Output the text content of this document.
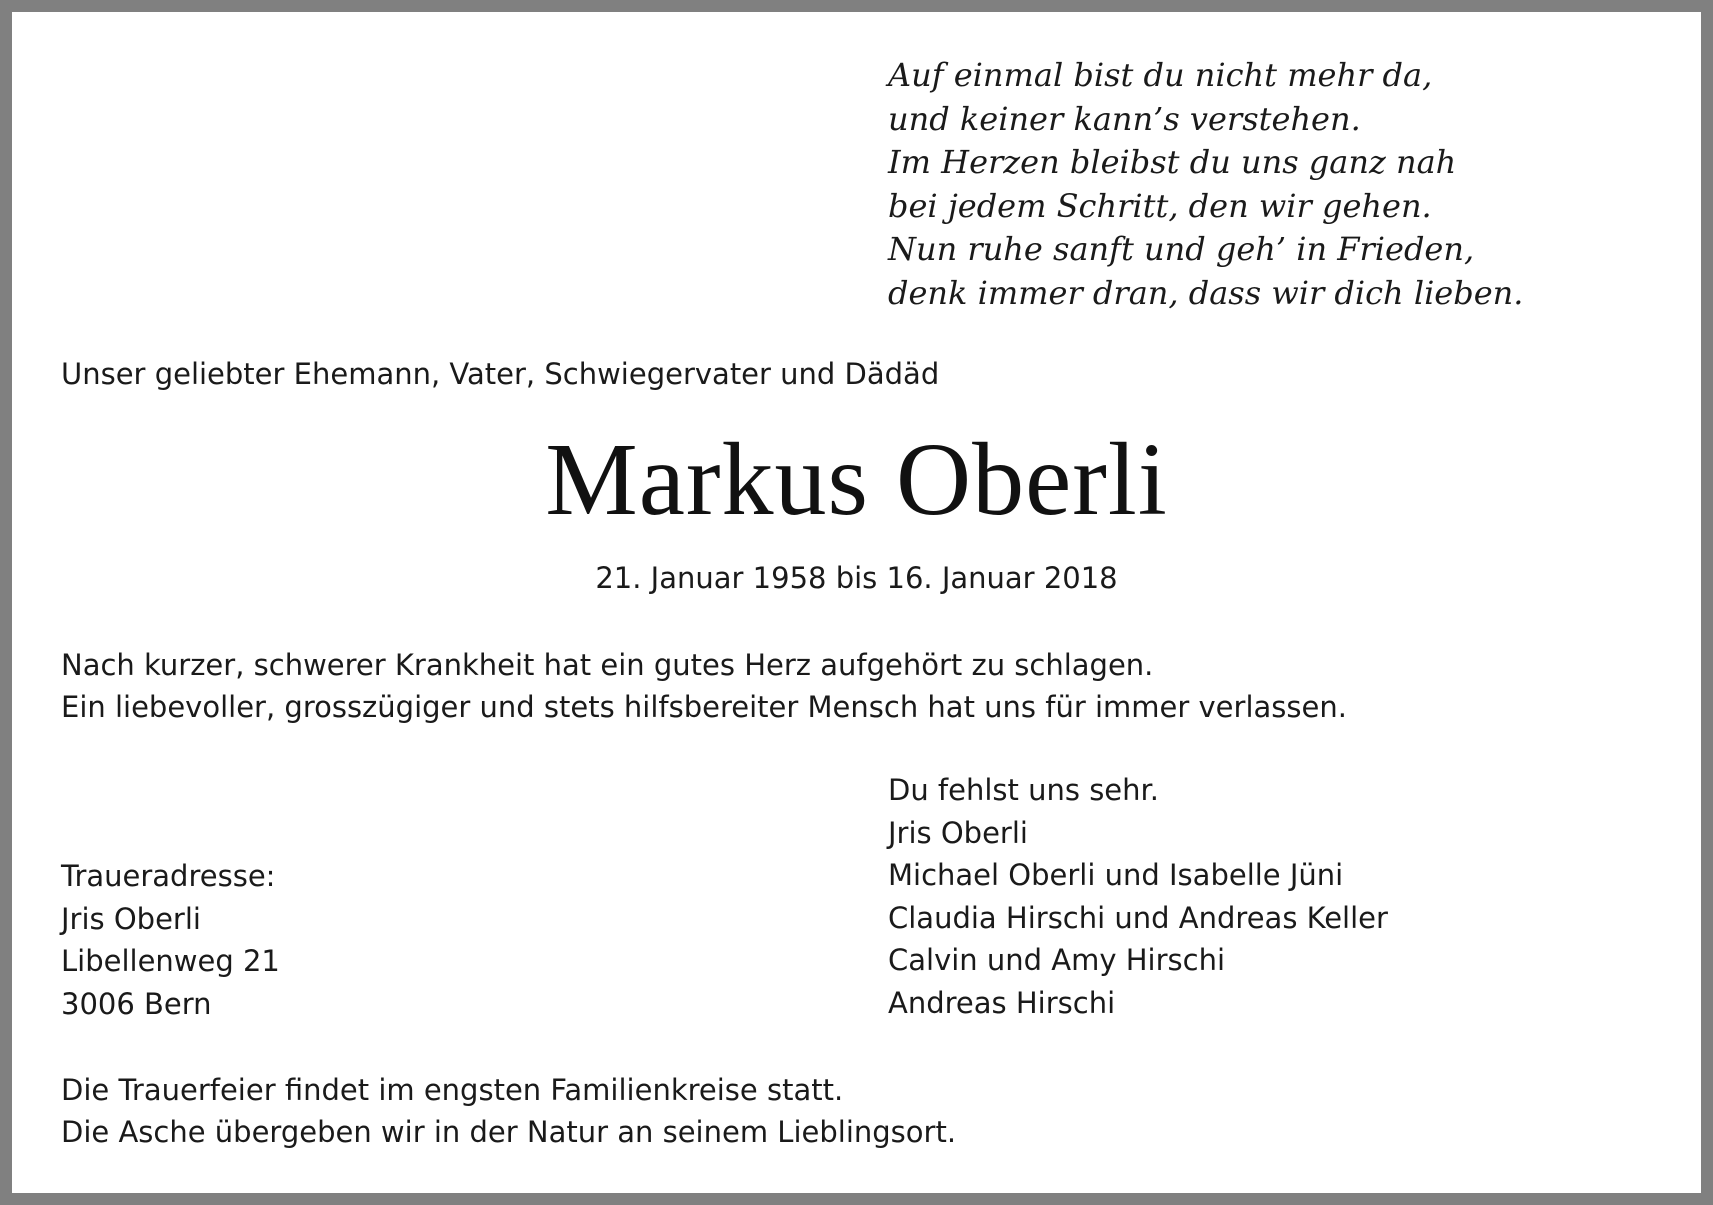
Auf einmal bist du nicht mehr da,
und keiner kann’s verstehen.
Im Herzen bleibst du uns ganz nah
bei jedem Schritt, den wir gehen.
Nun ruhe sanft und geh’ in Frieden,
denk immer dran, dass wir dich lieben.
Unser geliebter Ehemann, Vater, Schwiegervater und Dädäd
Markus Oberli
21. Januar 1958 bis 16. Januar 2018
Nach kurzer, schwerer Krankheit hat ein gutes Herz aufgehört zu schlagen.
Ein liebevoller, grosszügiger und stets hilfsbereiter Mensch hat uns für immer verlassen.
Du fehlst uns sehr.
Jris Oberli
Michael Oberli und Isabelle Jüni
Claudia Hirschi und Andreas Keller
Calvin und Amy Hirschi
Andreas Hirschi
Traueradresse:
Jris Oberli
Libellenweg 21
3006 Bern
Die Trauerfeier findet im engsten Familienkreise statt.
Die Asche übergeben wir in der Natur an seinem Lieblingsort.
